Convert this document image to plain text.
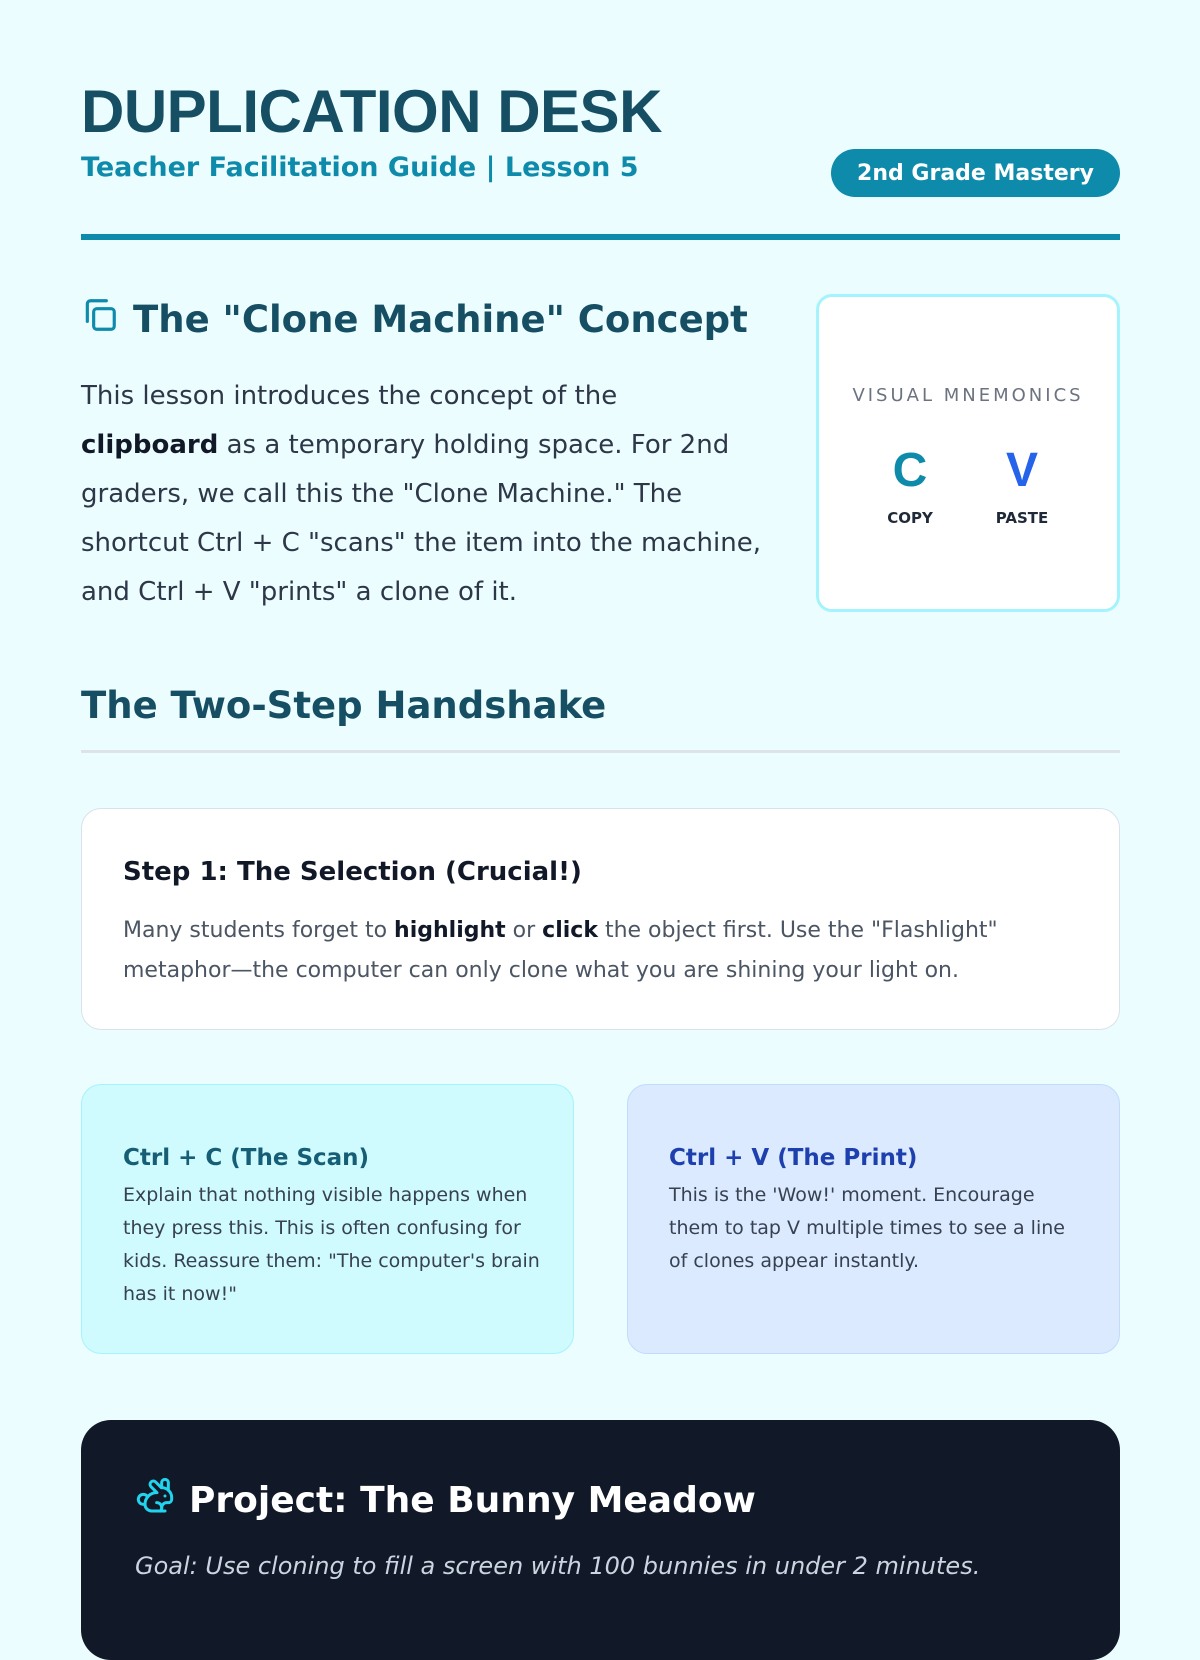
DUPLICATION DESK
Teacher Facilitation Guide | Lesson 5	2nd Grade Mastery
The "Clone Machine" Concept
This lesson introduces the concept of the clipboard as a temporary holding space. For 2nd graders, we call this the "Clone Machine." The shortcut Ctrl + C "scans" the item into the machine, and Ctrl + V "prints" a clone of it.
VISUAL MNEMONICS
C
COPY
V
PASTE
The Two-Step Handshake
Step 1: The Selection (Crucial!)
Many students forget to highlight or click the object first. Use the "Flashlight" metaphor—the computer can only clone what you are shining your light on.
Ctrl + C (The Scan)
Explain that nothing visible happens when they press this. This is often confusing for kids. Reassure them: "The computer's brain has it now!"
Ctrl + V (The Print)
This is the 'Wow!' moment. Encourage them to tap V multiple times to see a line of clones appear instantly.
Project: The Bunny Meadow
Goal: Use cloning to fill a screen with 100 bunnies in under 2 minutes.
